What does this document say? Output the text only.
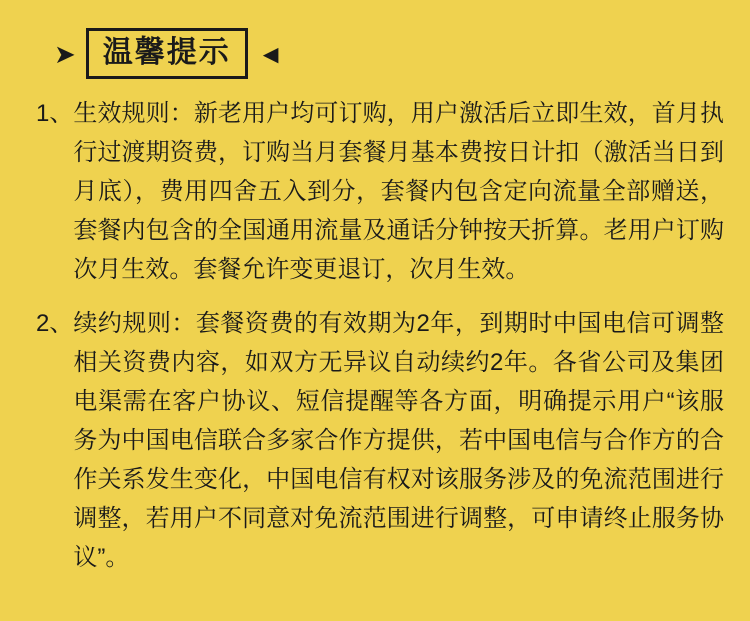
➤ 温馨提示	◄
1、 生效规则：新老用户均可订购，用户激活后立即生效，首月执行过渡期资费，订购当月套餐月基本费按日计扣（激活当日到月底），费用四舍五入到分，套餐内包含定向流量全部赠送，套餐内包含的全国通用流量及通话分钟按天折算。老用户订购次月生效。套餐允许变更退订，次月生效。
2、 续约规则：套餐资费的有效期为2年，到期时中国电信可调整相关资费内容，如双方无异议自动续约2年。各省公司及集团电渠需在客户协议、短信提醒等各方面，明确提示用户“该服务为中国电信联合多家合作方提供，若中国电信与合作方的合作关系发生变化，中国电信有权对该服务涉及的免流范围进行调整，若用户不同意对免流范围进行调整，可申请终止服务协议”。
